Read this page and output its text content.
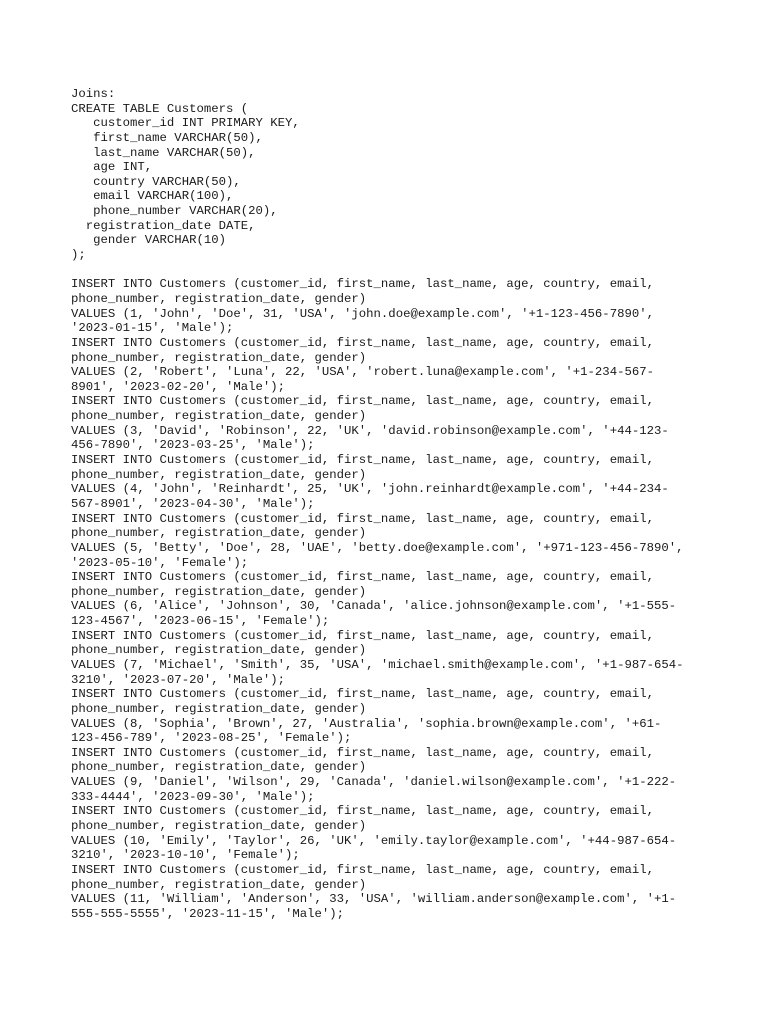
Joins:
CREATE TABLE Customers (
customer_id INT PRIMARY KEY,
first_name VARCHAR(50),
last_name VARCHAR(50),
age INT,
country VARCHAR(50),
email VARCHAR(100),
phone_number VARCHAR(20),
registration_date DATE,
gender VARCHAR(10)
);
INSERT INTO Customers (customer_id, first_name, last_name, age, country, email,
phone_number, registration_date, gender)
VALUES (1, 'John', 'Doe', 31, 'USA', 'john.doe@example.com', '+1-123-456-7890',
'2023-01-15', 'Male');
INSERT INTO Customers (customer_id, first_name, last_name, age, country, email,
phone_number, registration_date, gender)
VALUES (2, 'Robert', 'Luna', 22, 'USA', 'robert.luna@example.com', '+1-234-567-
8901', '2023-02-20', 'Male');
INSERT INTO Customers (customer_id, first_name, last_name, age, country, email,
phone_number, registration_date, gender)
VALUES (3, 'David', 'Robinson', 22, 'UK', 'david.robinson@example.com', '+44-123-
456-7890', '2023-03-25', 'Male');
INSERT INTO Customers (customer_id, first_name, last_name, age, country, email,
phone_number, registration_date, gender)
VALUES (4, 'John', 'Reinhardt', 25, 'UK', 'john.reinhardt@example.com', '+44-234-
567-8901', '2023-04-30', 'Male');
INSERT INTO Customers (customer_id, first_name, last_name, age, country, email,
phone_number, registration_date, gender)
VALUES (5, 'Betty', 'Doe', 28, 'UAE', 'betty.doe@example.com', '+971-123-456-7890',
'2023-05-10', 'Female');
INSERT INTO Customers (customer_id, first_name, last_name, age, country, email,
phone_number, registration_date, gender)
VALUES (6, 'Alice', 'Johnson', 30, 'Canada', 'alice.johnson@example.com', '+1-555-
123-4567', '2023-06-15', 'Female');
INSERT INTO Customers (customer_id, first_name, last_name, age, country, email,
phone_number, registration_date, gender)
VALUES (7, 'Michael', 'Smith', 35, 'USA', 'michael.smith@example.com', '+1-987-654-
3210', '2023-07-20', 'Male');
INSERT INTO Customers (customer_id, first_name, last_name, age, country, email,
phone_number, registration_date, gender)
VALUES (8, 'Sophia', 'Brown', 27, 'Australia', 'sophia.brown@example.com', '+61-
123-456-789', '2023-08-25', 'Female');
INSERT INTO Customers (customer_id, first_name, last_name, age, country, email,
phone_number, registration_date, gender)
VALUES (9, 'Daniel', 'Wilson', 29, 'Canada', 'daniel.wilson@example.com', '+1-222-
333-4444', '2023-09-30', 'Male');
INSERT INTO Customers (customer_id, first_name, last_name, age, country, email,
phone_number, registration_date, gender)
VALUES (10, 'Emily', 'Taylor', 26, 'UK', 'emily.taylor@example.com', '+44-987-654-
3210', '2023-10-10', 'Female');
INSERT INTO Customers (customer_id, first_name, last_name, age, country, email,
phone_number, registration_date, gender)
VALUES (11, 'William', 'Anderson', 33, 'USA', 'william.anderson@example.com', '+1-
555-555-5555', '2023-11-15', 'Male');
